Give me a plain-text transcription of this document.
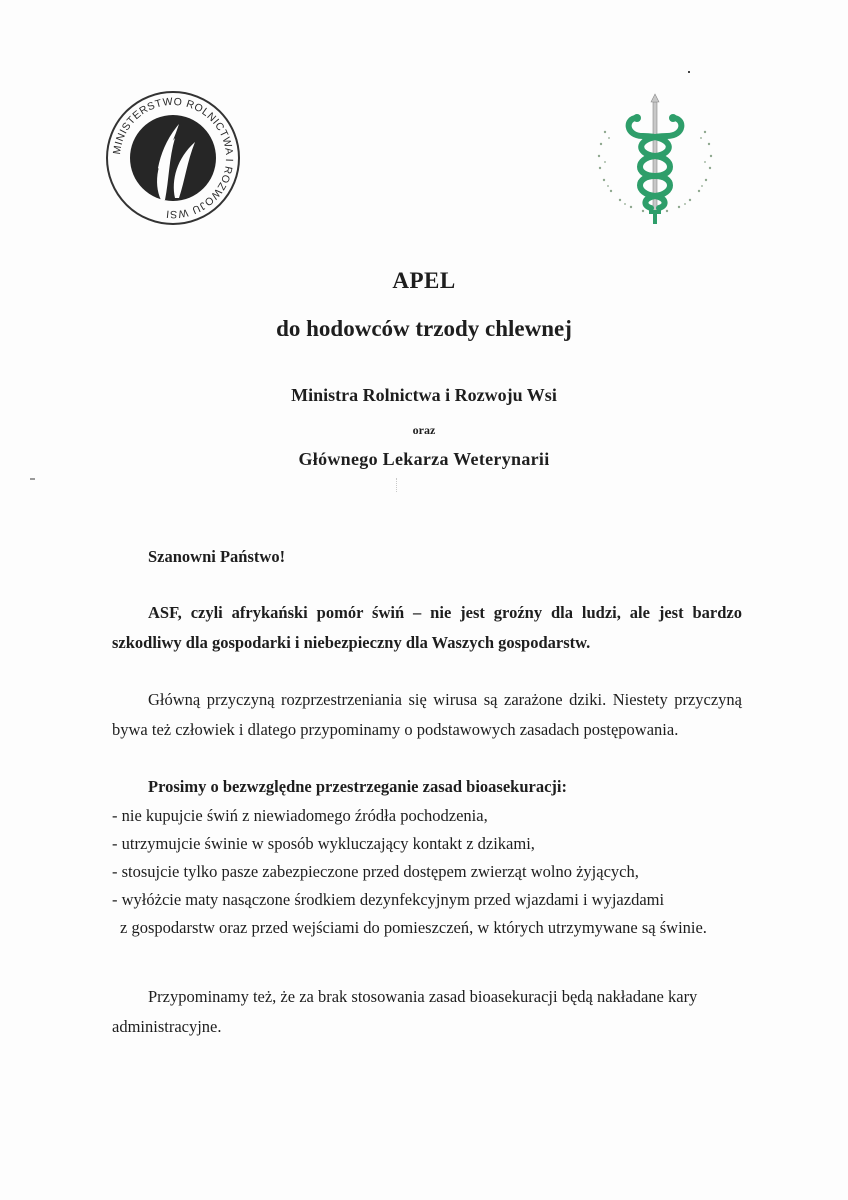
MINISTERSTWO ROLNICTWA I ROZWOJU WSI
APEL
do hodowców trzody chlewnej
Ministra Rolnictwa i Rozwoju Wsi
oraz
Głównego Lekarza Weterynarii

Szanowni Państwo!

ASF, czyli afrykański pomór świń – nie jest groźny dla ludzi, ale jest bardzo szkodliwy dla gospodarki i niebezpieczny dla Waszych gospodarstw.

Główną przyczyną rozprzestrzeniania się wirusa są zarażone dziki. Niestety przyczyną
bywa też człowiek i dlatego przypominamy o podstawowych zasadach postępowania.

Prosimy o bezwzględne przestrzeganie zasad bioasekuracji:

- nie kupujcie świń z niewiadomego źródła pochodzenia,
- utrzymujcie świnie w sposób wykluczający kontakt z dzikami,
- stosujcie tylko pasze zabezpieczone przed dostępem zwierząt wolno żyjących,
- wyłóżcie maty nasączone środkiem dezynfekcyjnym przed wjazdami i wyjazdami
z gospodarstw oraz przed wejściami do pomieszczeń, w których utrzymywane są świnie.

Przypominamy też, że za brak stosowania zasad bioasekuracji będą nakładane kary
administracyjne.
